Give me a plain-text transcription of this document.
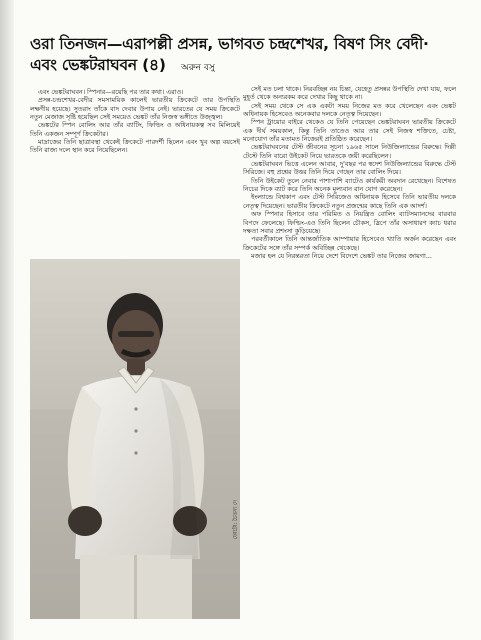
ওরা তিনজন—এরাপল্লী প্রসন্ন, ভাগবত চন্দ্রশেখর, বিষণ সিং বেদী·
এবং ভেঙ্কটরাঘবন (৪) অরুন বসু

এবং ভেঙ্কটরাঘবন। স্পিনার—রয়েছি পর তার কথা। এরাও।

প্রসন্ন-চন্দ্রশেখর-বেদীর সমসাময়িক কালেই ভারতীয় ক্রিকেটে তার উপস্থিতি লক্ষণীয় হয়েছে। সুতরাং তাঁকে বাদ দেবার উপায় নেই। ভারতের যে সময় ক্রিকেটে নতুন মেজাজ সৃষ্টি হয়েছিল সেই সময়েও ভেঙ্কট তাঁর নিজস্ব ভঙ্গীতে উজ্জ্বল।

ভেঙ্কটের স্পিন বোলিং আর তাঁর ব্যাটিং, ফিল্ডিং ও অধিনায়কত্ব সব মিলিয়েই তিনি একজন সম্পূর্ণ ক্রিকেটার।

মাদ্রাজের তিনি ছাত্রাবস্থা থেকেই ক্রিকেটে পারদর্শী ছিলেন এবং খুব অল্প বয়সেই তিনি রাজ্য দলে স্থান করে নিয়েছিলেন।

ফোটো: চৈতন্য দে

সেই মত চলা থাকে। নিরবচ্ছিন্ন নয় চিন্তা, যেহেতু প্রসন্নর উপস্থিতি দেখা যায়, ফলে মুহূর্ত থেকে অন্যরকম করে দেখার কিছু থাকে না।

সেই সময় থেকে সে এক একটা সময় নিজের মত করে খেলেছেন এবং ভেঙ্কট অধিনায়ক হিসেবেও অনেকবার দলকে নেতৃত্ব দিয়েছেন।

স্পিন ট্রায়োর বাইরে থেকেও যে তিনি পেয়েছেন ভেঙ্কটরাঘবন ভারতীয় ক্রিকেটে এক দীর্ঘ সময়কাল, কিন্তু তিনি তাতেও আর তার সেই নিজস্ব শক্তিতে, চেষ্টা, মনোযোগ তাঁর মতামত নিজেরই প্রতিষ্ঠিত করেছেন।

ভেঙ্কটরাঘবনের টেস্ট জীবনের সূচনা ১৯৬৫ সালে নিউজিল্যান্ডের বিরুদ্ধে। দিল্লী টেস্টে তিনি বারো উইকেট নিয়ে ভারতকে জয়ী করেছিলেন।

ভেঙ্কটরাঘবন ভিত্তে এলেন আবার, দু'বছর পর স্বদেশ নিউজিল্যান্ডের বিরুদ্ধে টেস্ট সিরিজে। বহু প্রশ্নের উত্তর তিনি দিয়ে গেছেন তার বোলিং দিয়ে।

তিনি উইকেট তুলে নেবার পাশাপাশি ব্যাটেও কার্যকরী অবদান রেখেছেন। বিশেষত নিচের দিকে ব্যাট করে তিনি অনেক মূল্যবান রান যোগ করেছেন।

ইংল্যান্ডে বিশ্বকাপ এবং টেস্ট সিরিজেও অধিনায়ক হিসেবে তিনি ভারতীয় দলকে নেতৃত্ব দিয়েছেন। ভারতীয় ক্রিকেটে নতুন প্রজন্মের কাছে তিনি এক আদর্শ।

অফ স্পিনার হিসাবে তার পরিমিত ও নিয়ন্ত্রিত বোলিং ব্যাটসম্যানদের বারবার বিপদে ফেলেছে। ফিল্ডিং-এও তিনি ছিলেন চৌকস, স্লিপে তাঁর অসাধারণ ক্যাচ ধরার দক্ষতা সবার প্রশংসা কুড়িয়েছে।

পরবর্তীকালে তিনি আন্তর্জাতিক আম্পায়ার হিসেবেও খ্যাতি অর্জন করেছেন এবং ক্রিকেটের সঙ্গে তাঁর সম্পর্ক অবিচ্ছিন্ন থেকেছে।

মজার হল যে নিরন্তরতা নিয়ে দেশে বিদেশে ভেঙ্কট তার নিজের জায়গা...
